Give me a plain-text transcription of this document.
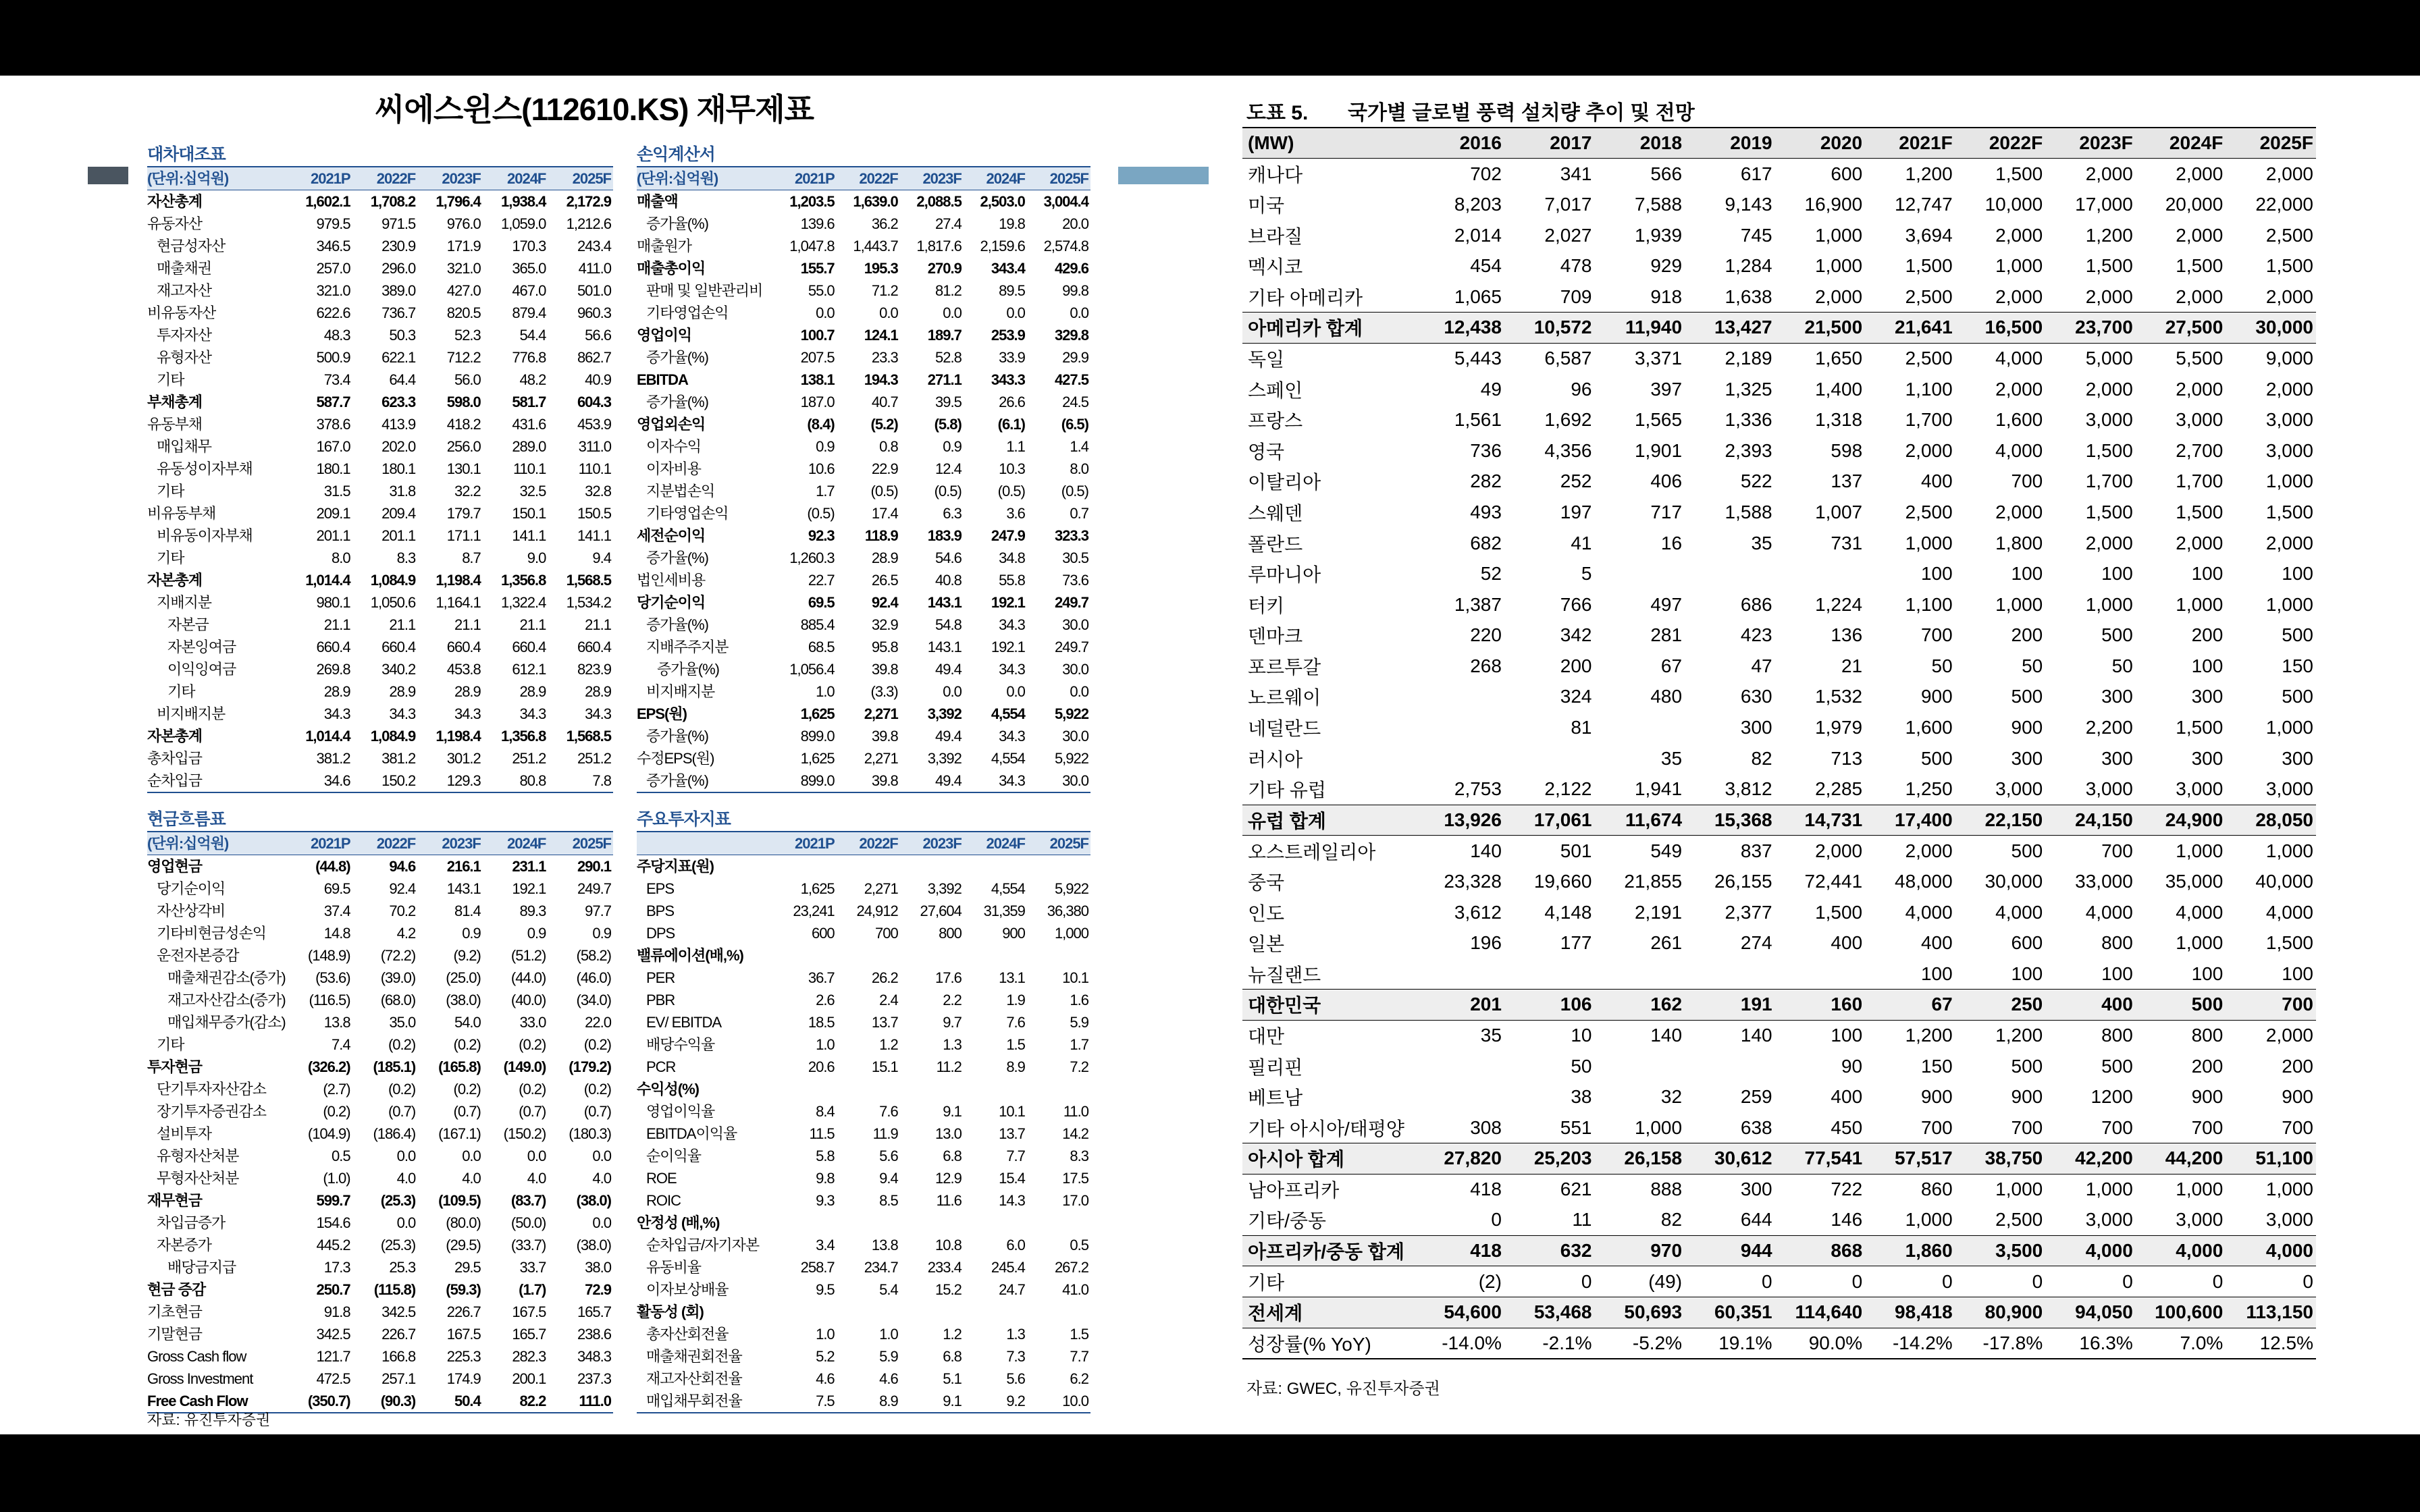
씨에스윈스(112610.KS) 재무제표
대차대조표
(단위:십억원)	2021P	2022F	2023F	2024F	2025F
자산총계	1,602.1	1,708.2	1,796.4	1,938.4	2,172.9
유동자산	979.5	971.5	976.0	1,059.0	1,212.6
현금성자산	346.5	230.9	171.9	170.3	243.4
매출채권	257.0	296.0	321.0	365.0	411.0
재고자산	321.0	389.0	427.0	467.0	501.0
비유동자산	622.6	736.7	820.5	879.4	960.3
투자자산	48.3	50.3	52.3	54.4	56.6
유형자산	500.9	622.1	712.2	776.8	862.7
기타	73.4	64.4	56.0	48.2	40.9
부채총계	587.7	623.3	598.0	581.7	604.3
유동부채	378.6	413.9	418.2	431.6	453.9
매입채무	167.0	202.0	256.0	289.0	311.0
유동성이자부채	180.1	180.1	130.1	110.1	110.1
기타	31.5	31.8	32.2	32.5	32.8
비유동부채	209.1	209.4	179.7	150.1	150.5
비유동이자부채	201.1	201.1	171.1	141.1	141.1
기타	8.0	8.3	8.7	9.0	9.4
자본총계	1,014.4	1,084.9	1,198.4	1,356.8	1,568.5
지배지분	980.1	1,050.6	1,164.1	1,322.4	1,534.2
자본금	21.1	21.1	21.1	21.1	21.1
자본잉여금	660.4	660.4	660.4	660.4	660.4
이익잉여금	269.8	340.2	453.8	612.1	823.9
기타	28.9	28.9	28.9	28.9	28.9
비지배지분	34.3	34.3	34.3	34.3	34.3
자본총계	1,014.4	1,084.9	1,198.4	1,356.8	1,568.5
총차입금	381.2	381.2	301.2	251.2	251.2
순차입금	34.6	150.2	129.3	80.8	7.8
손익계산서
(단위:십억원)	2021P	2022F	2023F	2024F	2025F
매출액	1,203.5	1,639.0	2,088.5	2,503.0	3,004.4
증가율(%)	139.6	36.2	27.4	19.8	20.0
매출원가	1,047.8	1,443.7	1,817.6	2,159.6	2,574.8
매출총이익	155.7	195.3	270.9	343.4	429.6
판매 및 일반관리비	55.0	71.2	81.2	89.5	99.8
기타영업손익	0.0	0.0	0.0	0.0	0.0
영업이익	100.7	124.1	189.7	253.9	329.8
증가율(%)	207.5	23.3	52.8	33.9	29.9
EBITDA	138.1	194.3	271.1	343.3	427.5
증가율(%)	187.0	40.7	39.5	26.6	24.5
영업외손익	(8.4)	(5.2)	(5.8)	(6.1)	(6.5)
이자수익	0.9	0.8	0.9	1.1	1.4
이자비용	10.6	22.9	12.4	10.3	8.0
지분법손익	1.7	(0.5)	(0.5)	(0.5)	(0.5)
기타영업손익	(0.5)	17.4	6.3	3.6	0.7
세전순이익	92.3	118.9	183.9	247.9	323.3
증가율(%)	1,260.3	28.9	54.6	34.8	30.5
법인세비용	22.7	26.5	40.8	55.8	73.6
당기순이익	69.5	92.4	143.1	192.1	249.7
증가율(%)	885.4	32.9	54.8	34.3	30.0
지배주주지분	68.5	95.8	143.1	192.1	249.7
증가율(%)	1,056.4	39.8	49.4	34.3	30.0
비지배지분	1.0	(3.3)	0.0	0.0	0.0
EPS(원)	1,625	2,271	3,392	4,554	5,922
증가율(%)	899.0	39.8	49.4	34.3	30.0
수정EPS(원)	1,625	2,271	3,392	4,554	5,922
증가율(%)	899.0	39.8	49.4	34.3	30.0
현금흐름표
(단위:십억원)	2021P	2022F	2023F	2024F	2025F
영업현금	(44.8)	94.6	216.1	231.1	290.1
당기순이익	69.5	92.4	143.1	192.1	249.7
자산상각비	37.4	70.2	81.4	89.3	97.7
기타비현금성손익	14.8	4.2	0.9	0.9	0.9
운전자본증감	(148.9)	(72.2)	(9.2)	(51.2)	(58.2)
매출채권감소(증가)	(53.6)	(39.0)	(25.0)	(44.0)	(46.0)
재고자산감소(증가)	(116.5)	(68.0)	(38.0)	(40.0)	(34.0)
매입채무증가(감소)	13.8	35.0	54.0	33.0	22.0
기타	7.4	(0.2)	(0.2)	(0.2)	(0.2)
투자현금	(326.2)	(185.1)	(165.8)	(149.0)	(179.2)
단기투자자산감소	(2.7)	(0.2)	(0.2)	(0.2)	(0.2)
장기투자증권감소	(0.2)	(0.7)	(0.7)	(0.7)	(0.7)
설비투자	(104.9)	(186.4)	(167.1)	(150.2)	(180.3)
유형자산처분	0.5	0.0	0.0	0.0	0.0
무형자산처분	(1.0)	4.0	4.0	4.0	4.0
재무현금	599.7	(25.3)	(109.5)	(83.7)	(38.0)
차입금증가	154.6	0.0	(80.0)	(50.0)	0.0
자본증가	445.2	(25.3)	(29.5)	(33.7)	(38.0)
배당금지급	17.3	25.3	29.5	33.7	38.0
현금 증감	250.7	(115.8)	(59.3)	(1.7)	72.9
기초현금	91.8	342.5	226.7	167.5	165.7
기말현금	342.5	226.7	167.5	165.7	238.6
Gross Cash flow	121.7	166.8	225.3	282.3	348.3
Gross Investment	472.5	257.1	174.9	200.1	237.3
Free Cash Flow	(350.7)	(90.3)	50.4	82.2	111.0
주요투자지표
	2021P	2022F	2023F	2024F	2025F
주당지표(원)					
EPS	1,625	2,271	3,392	4,554	5,922
BPS	23,241	24,912	27,604	31,359	36,380
DPS	600	700	800	900	1,000
밸류에이션(배,%)					
PER	36.7	26.2	17.6	13.1	10.1
PBR	2.6	2.4	2.2	1.9	1.6
EV/ EBITDA	18.5	13.7	9.7	7.6	5.9
배당수익율	1.0	1.2	1.3	1.5	1.7
PCR	20.6	15.1	11.2	8.9	7.2
수익성(%)					
영업이익율	8.4	7.6	9.1	10.1	11.0
EBITDA이익율	11.5	11.9	13.0	13.7	14.2
순이익율	5.8	5.6	6.8	7.7	8.3
ROE	9.8	9.4	12.9	15.4	17.5
ROIC	9.3	8.5	11.6	14.3	17.0
안정성 (배,%)					
순차입금/자기자본	3.4	13.8	10.8	6.0	0.5
유동비율	258.7	234.7	233.4	245.4	267.2
이자보상배율	9.5	5.4	15.2	24.7	41.0
활동성 (회)					
총자산회전율	1.0	1.0	1.2	1.3	1.5
매출채권회전율	5.2	5.9	6.8	7.3	7.7
재고자산회전율	4.6	4.6	5.1	5.6	6.2
매입채무회전율	7.5	8.9	9.1	9.2	10.0
자료: 유진투자증권
도표 5. 국가별 글로벌 풍력 설치량 추이 및 전망
(MW)	2016	2017	2018	2019	2020	2021F	2022F	2023F	2024F	2025F
캐나다	702	341	566	617	600	1,200	1,500	2,000	2,000	2,000
미국	8,203	7,017	7,588	9,143	16,900	12,747	10,000	17,000	20,000	22,000
브라질	2,014	2,027	1,939	745	1,000	3,694	2,000	1,200	2,000	2,500
멕시코	454	478	929	1,284	1,000	1,500	1,000	1,500	1,500	1,500
기타 아메리카	1,065	709	918	1,638	2,000	2,500	2,000	2,000	2,000	2,000
아메리카 합계	12,438	10,572	11,940	13,427	21,500	21,641	16,500	23,700	27,500	30,000
독일	5,443	6,587	3,371	2,189	1,650	2,500	4,000	5,000	5,500	9,000
스페인	49	96	397	1,325	1,400	1,100	2,000	2,000	2,000	2,000
프랑스	1,561	1,692	1,565	1,336	1,318	1,700	1,600	3,000	3,000	3,000
영국	736	4,356	1,901	2,393	598	2,000	4,000	1,500	2,700	3,000
이탈리아	282	252	406	522	137	400	700	1,700	1,700	1,000
스웨덴	493	197	717	1,588	1,007	2,500	2,000	1,500	1,500	1,500
폴란드	682	41	16	35	731	1,000	1,800	2,000	2,000	2,000
루마니아	52	5				100	100	100	100	100
터키	1,387	766	497	686	1,224	1,100	1,000	1,000	1,000	1,000
덴마크	220	342	281	423	136	700	200	500	200	500
포르투갈	268	200	67	47	21	50	50	50	100	150
노르웨이		324	480	630	1,532	900	500	300	300	500
네덜란드		81		300	1,979	1,600	900	2,200	1,500	1,000
러시아			35	82	713	500	300	300	300	300
기타 유럽	2,753	2,122	1,941	3,812	2,285	1,250	3,000	3,000	3,000	3,000
유럽 합계	13,926	17,061	11,674	15,368	14,731	17,400	22,150	24,150	24,900	28,050
오스트레일리아	140	501	549	837	2,000	2,000	500	700	1,000	1,000
중국	23,328	19,660	21,855	26,155	72,441	48,000	30,000	33,000	35,000	40,000
인도	3,612	4,148	2,191	2,377	1,500	4,000	4,000	4,000	4,000	4,000
일본	196	177	261	274	400	400	600	800	1,000	1,500
뉴질랜드						100	100	100	100	100
대한민국	201	106	162	191	160	67	250	400	500	700
대만	35	10	140	140	100	1,200	1,200	800	800	2,000
필리핀		50			90	150	500	500	200	200
베트남		38	32	259	400	900	900	1200	900	900
기타 아시아/태평양	308	551	1,000	638	450	700	700	700	700	700
아시아 합계	27,820	25,203	26,158	30,612	77,541	57,517	38,750	42,200	44,200	51,100
남아프리카	418	621	888	300	722	860	1,000	1,000	1,000	1,000
기타/중동	0	11	82	644	146	1,000	2,500	3,000	3,000	3,000
아프리카/중동 합계	418	632	970	944	868	1,860	3,500	4,000	4,000	4,000
기타	(2)	0	(49)	0	0	0	0	0	0	0
전세계	54,600	53,468	50,693	60,351	114,640	98,418	80,900	94,050	100,600	113,150
성장률(% YoY)	-14.0%	-2.1%	-5.2%	19.1%	90.0%	-14.2%	-17.8%	16.3%	7.0%	12.5%
자료: GWEC, 유진투자증권
